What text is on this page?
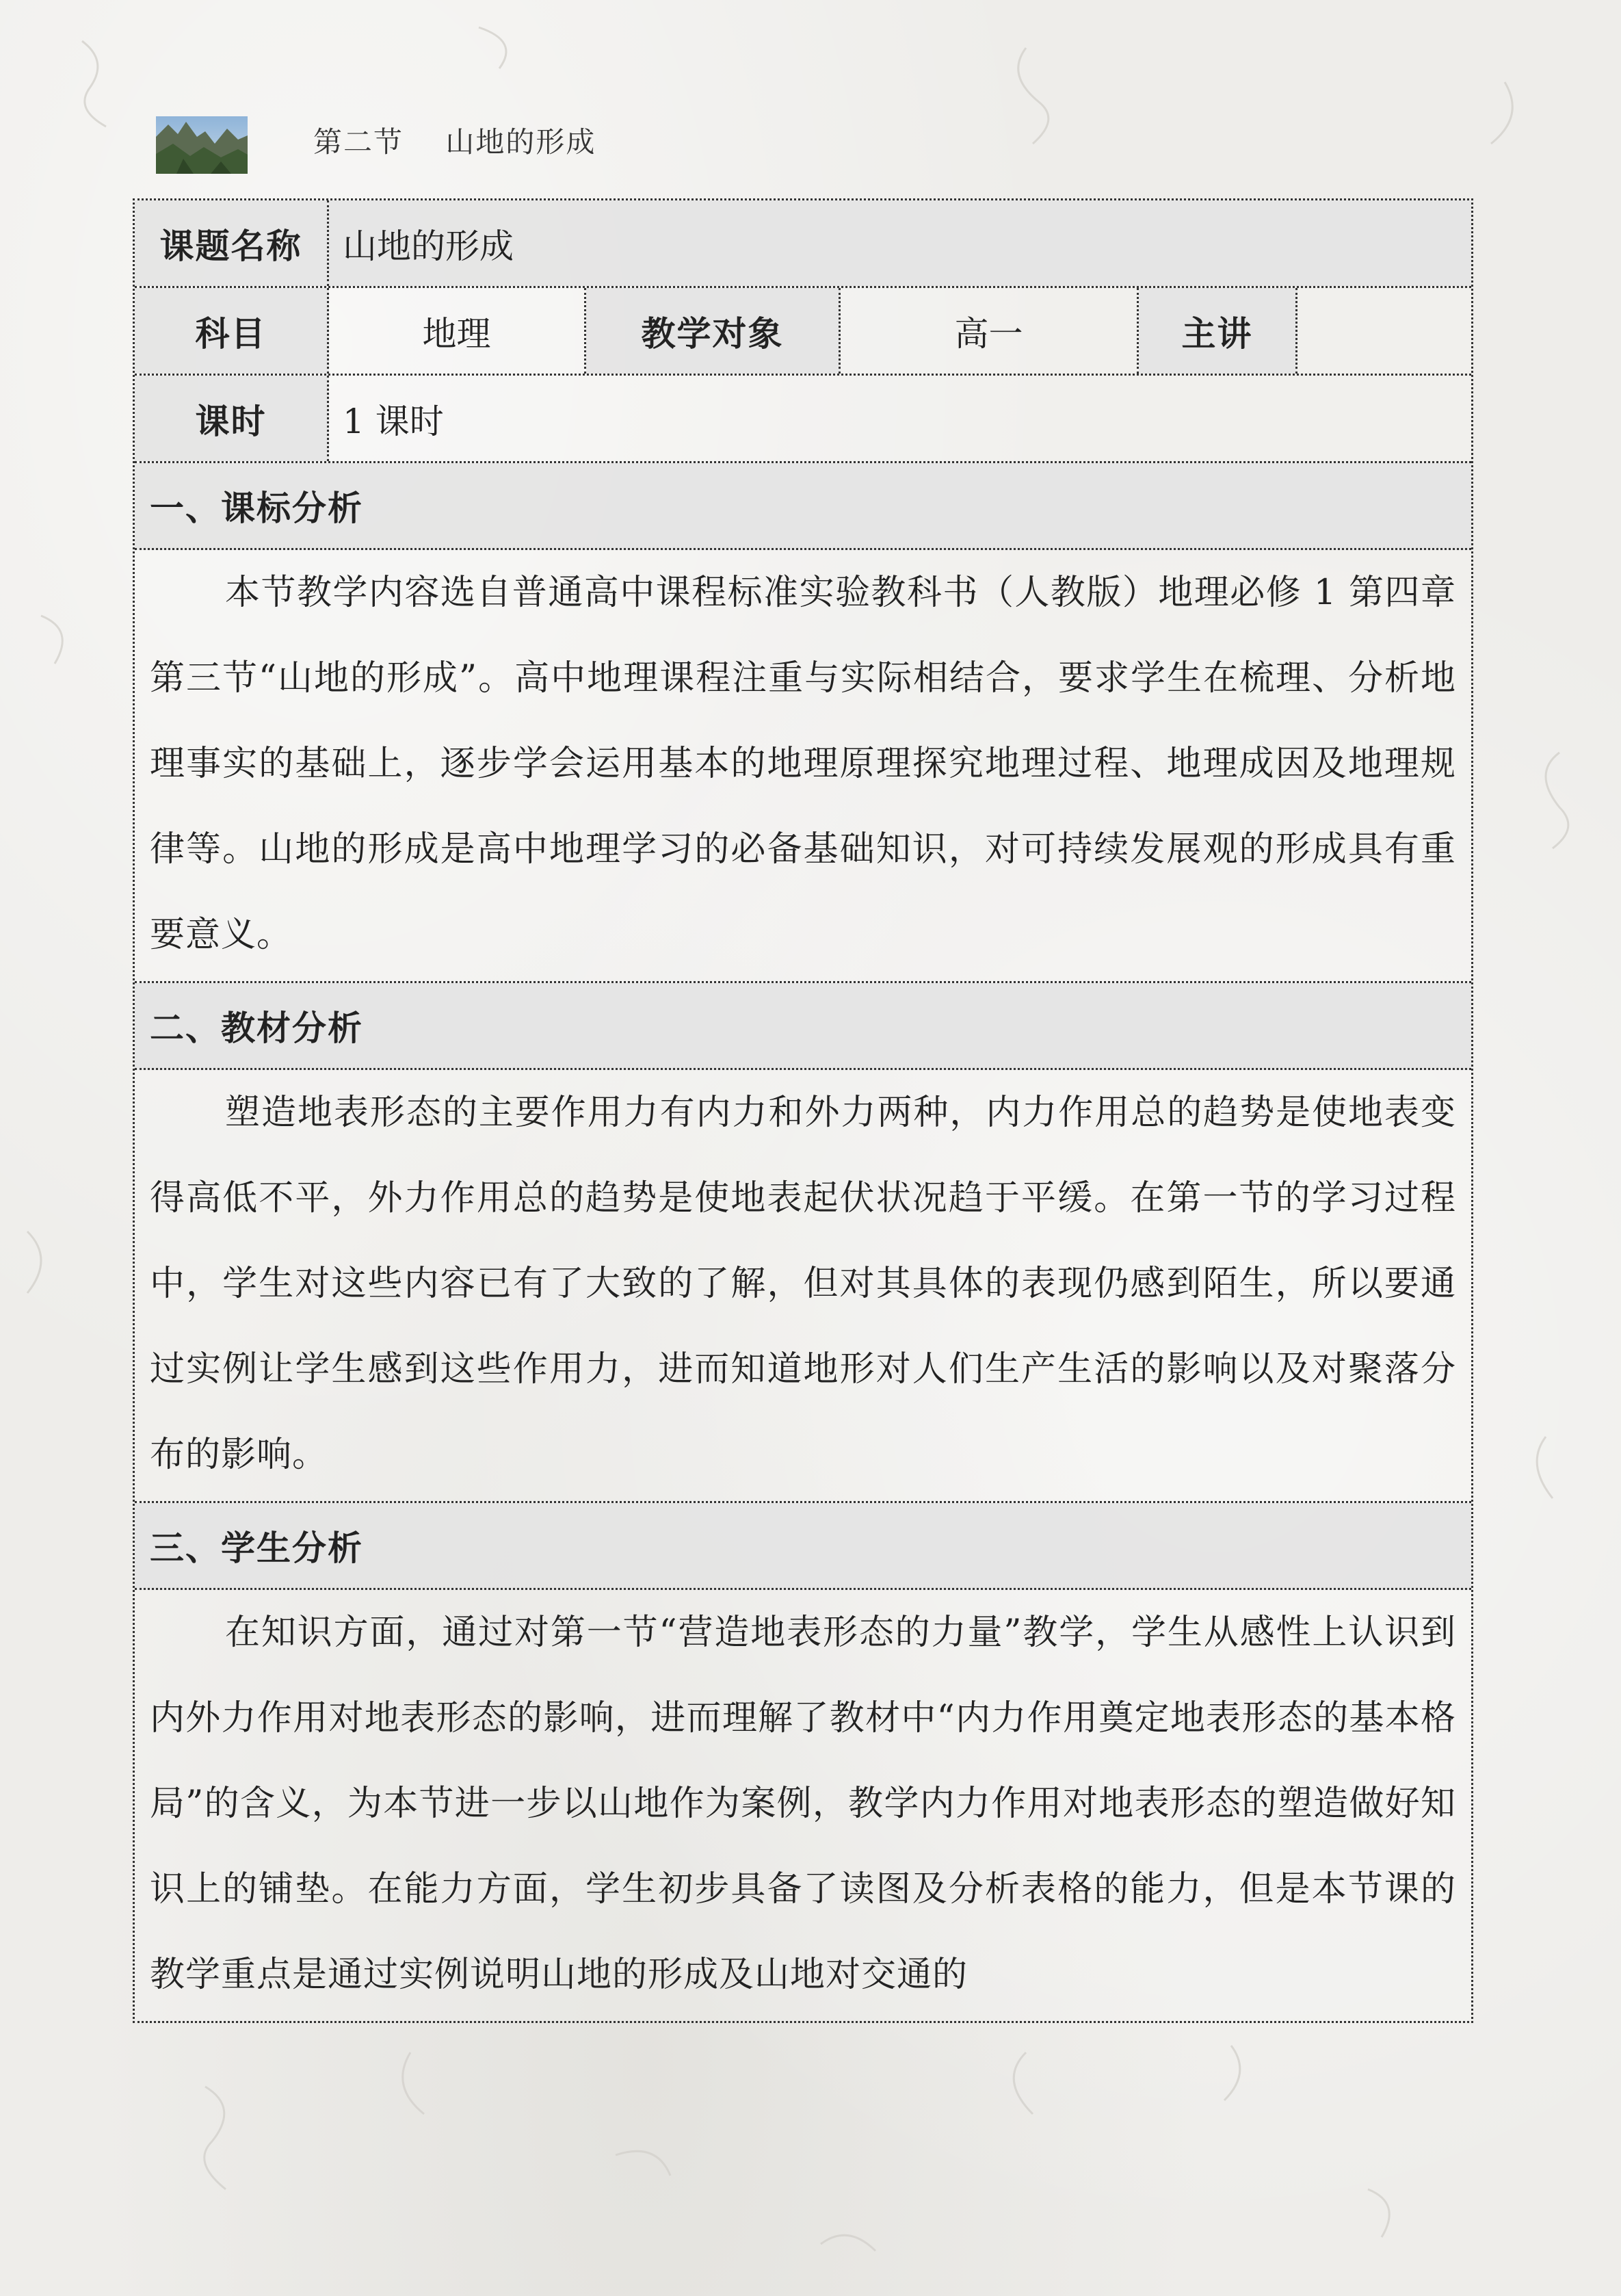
第二节    山地的形成
课题名称	山地的形成
科目	地理	教学对象	高一	主讲
课时	1 课时
一、课标分析
本节教学内容选自普通高中课程标准实验教科书（人教版）地理必修 1 第四章第三节“山地的形成”。高中地理课程注重与实际相结合，要求学生在梳理、分析地理事实的基础上，逐步学会运用基本的地理原理探究地理过程、地理成因及地理规律等。山地的形成是高中地理学习的必备基础知识，对可持续发展观的形成具有重要意义。
二、教材分析
塑造地表形态的主要作用力有内力和外力两种，内力作用总的趋势是使地表变得高低不平，外力作用总的趋势是使地表起伏状况趋于平缓。在第一节的学习过程中，学生对这些内容已有了大致的了解，但对其具体的表现仍感到陌生，所以要通过实例让学生感到这些作用力，进而知道地形对人们生产生活的影响以及对聚落分布的影响。
三、学生分析
在知识方面，通过对第一节“营造地表形态的力量”教学，学生从感性上认识到内外力作用对地表形态的影响，进而理解了教材中“内力作用奠定地表形态的基本格局”的含义，为本节进一步以山地作为案例，教学内力作用对地表形态的塑造做好知识上的铺垫。在能力方面，学生初步具备了读图及分析表格的能力，但是本节课的教学重点是通过实例说明山地的形成及山地对交通的
